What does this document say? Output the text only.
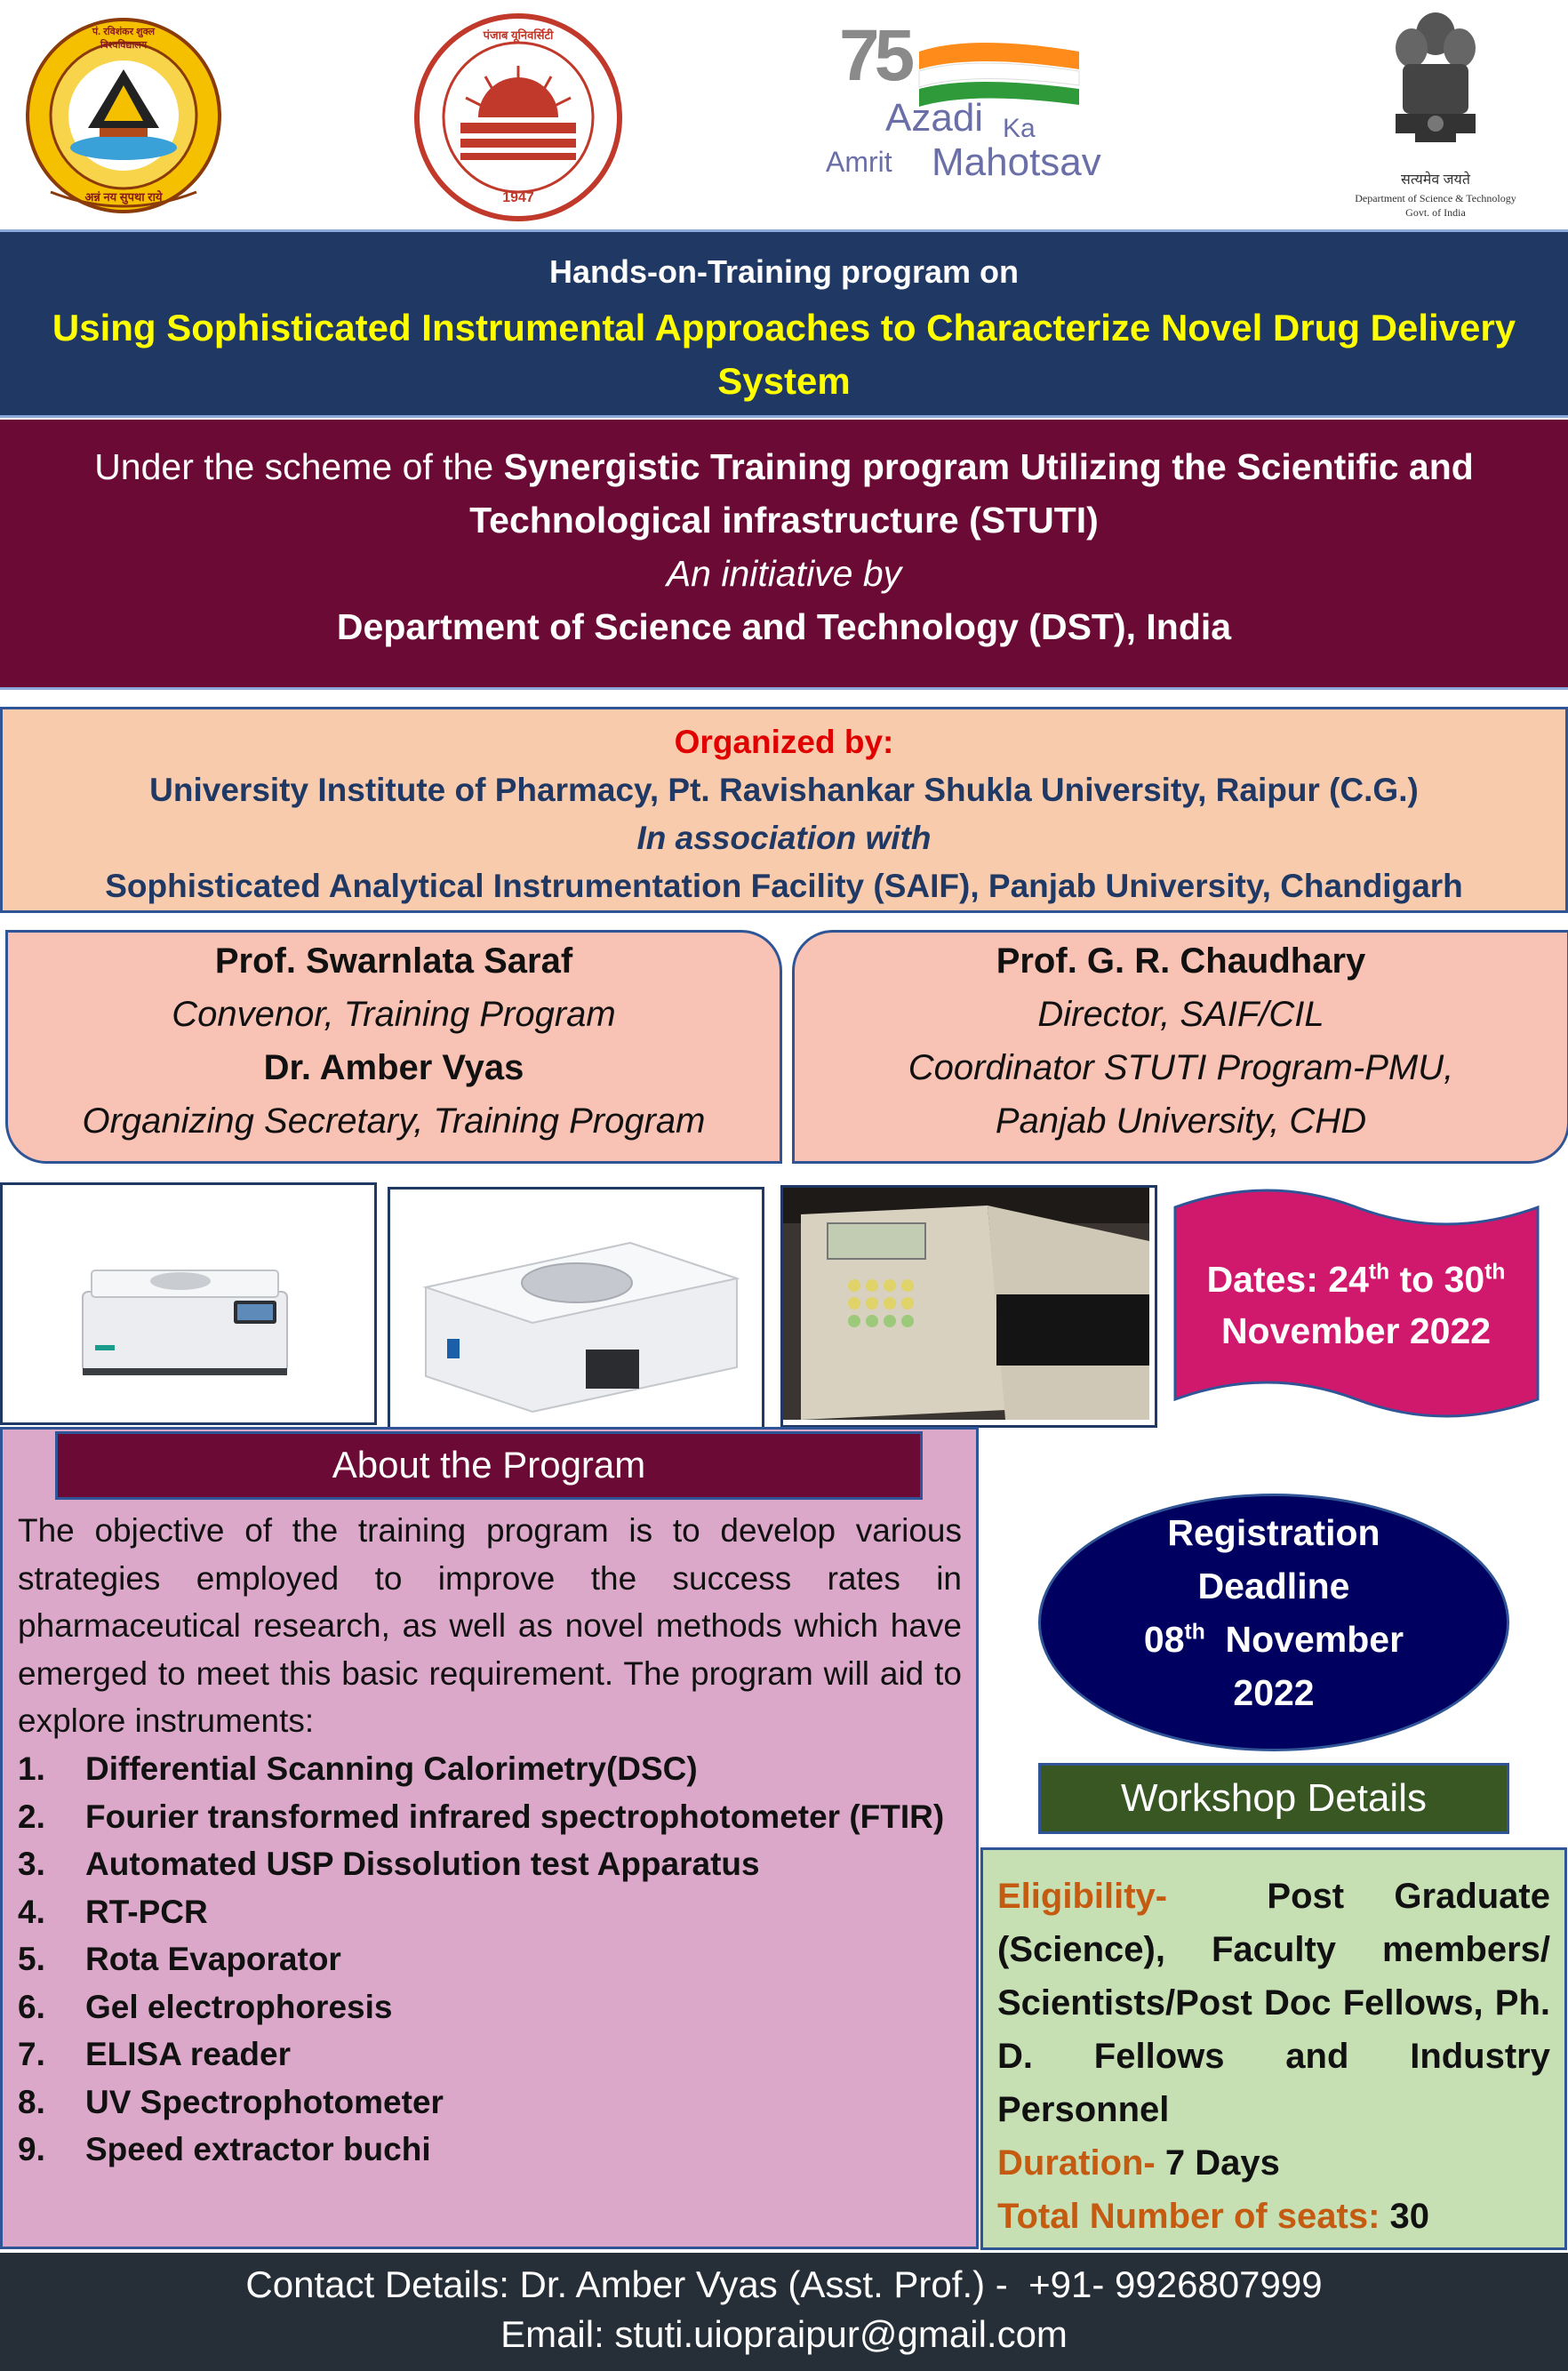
पं. रविशंकर शुक्ल विश्वविद्यालय
अन्नं नय सुपथा राये
पंजाब यूनिवर्सिटी
1947
75
Azadi Ka
Amrit Mahotsav	सत्यमेव जयते
Department of Science & Technology
Govt. of India
Hands-on-Training program on
Using Sophisticated Instrumental Approaches to Characterize Novel Drug Delivery System
Under the scheme of the Synergistic Training program Utilizing the Scientific and
Technological infrastructure (STUTI)
An initiative by
Department of Science and Technology (DST), India
Organized by:
University Institute of Pharmacy, Pt. Ravishankar Shukla University, Raipur (C.G.)
In association with
Sophisticated Analytical Instrumentation Facility (SAIF), Panjab University, Chandigarh
Prof. Swarnlata Saraf
Convenor, Training Program
Dr. Amber Vyas
Organizing Secretary, Training Program
Prof. G. R. Chaudhary
Director, SAIF/CIL
Coordinator STUTI Program-PMU,
Panjab University, CHD
Dates: 24th to 30th
November 2022
About the Program
The objective of the training program is to develop various strategies employed to improve the success rates in pharmaceutical research, as well as novel methods which have emerged to meet this basic requirement. The program will aid to explore instruments:
1. Differential Scanning Calorimetry(DSC)
2. Fourier transformed infrared spectrophotometer (FTIR)
3. Automated USP Dissolution test Apparatus
4. RT-PCR
5. Rota Evaporator
6. Gel electrophoresis
7. ELISA reader
8. UV Spectrophotometer
9. Speed extractor buchi
Registration
Deadline
08th  November
2022
Workshop Details
Eligibility-	Post Graduate (Science), Faculty members/ Scientists/Post Doc Fellows, Ph. D. Fellows and Industry Personnel
Duration- 7 Days
Total Number of seats: 30
Contact Details: Dr. Amber Vyas (Asst. Prof.) -  +91- 9926807999
Email: stuti.uiopraipur@gmail.com
